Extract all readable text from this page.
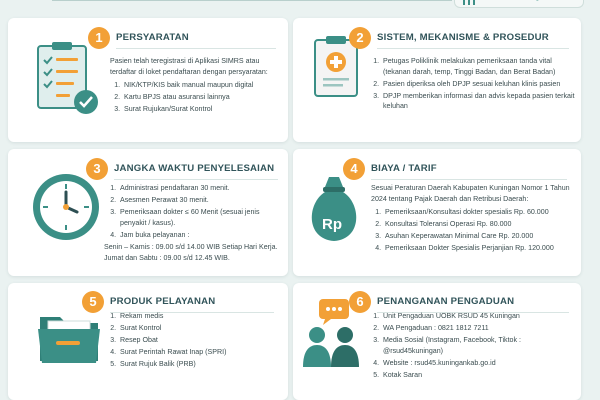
1	PERSYARATAN

Pasien telah teregistrasi di Aplikasi SIMRS atau terdaftar di loket pendaftaran dengan persyaratan:

1. NIK/KTP/KIS baik manual maupun digital
2. Kartu BPJS atau asuransi lainnya
3. Surat Rujukan/Surat Kontrol
2	SISTEM, MEKANISME & PROSEDUR
1. Petugas Poliklinik melakukan pemeriksaan tanda vital (tekanan darah, temp, Tinggi Badan, dan Berat Badan)
2. Pasien diperiksa oleh DPJP sesuai keluhan klinis pasien
3. DPJP memberikan informasi dan advis kepada pasien terkait keluhan
3	JANGKA WAKTU PENYELESAIAN
1. Administrasi pendaftaran 30 menit.
2. Asesmen Perawat 30 menit.
3. Pemeriksaan dokter ≤ 60 Menit (sesuai jenis penyakit / kasus).
4. Jam buka pelayanan :
Senin – Kamis : 09.00 s/d 14.00 WIB Setiap Hari Kerja.
Jumat dan Sabtu : 09.00 s/d 12.45 WIB.
Rp
4	BIAYA / TARIF

Sesuai Peraturan Daerah Kabupaten Kuningan Nomor 1 Tahun 2024 tentang Pajak Daerah dan Retribusi Daerah:

1. Pemeriksaan/Konsultasi dokter spesialis Rp. 60.000
2. Konsultasi Toleransi Operasi Rp. 80.000
3. Asuhan Keperawatan Minimal Care Rp. 20.000
4. Pemeriksaan Dokter Spesialis Perjanjian Rp. 120.000
5	PRODUK PELAYANAN
1. Rekam medis
2. Surat Kontrol
3. Resep Obat
4. Surat Perintah Rawat Inap (SPRI)
5. Surat Rujuk Balik (PRB)
6	PENANGANAN PENGADUAN
1. Unit Pengaduan UOBK RSUD 45 Kuningan
2. WA Pengaduan : 0821 1812 7211
3. Media Sosial (Instagram, Facebook, Tiktok : @rsud45kuningan)
4. Website : rsud45.kuningankab.go.id
5. Kotak Saran
